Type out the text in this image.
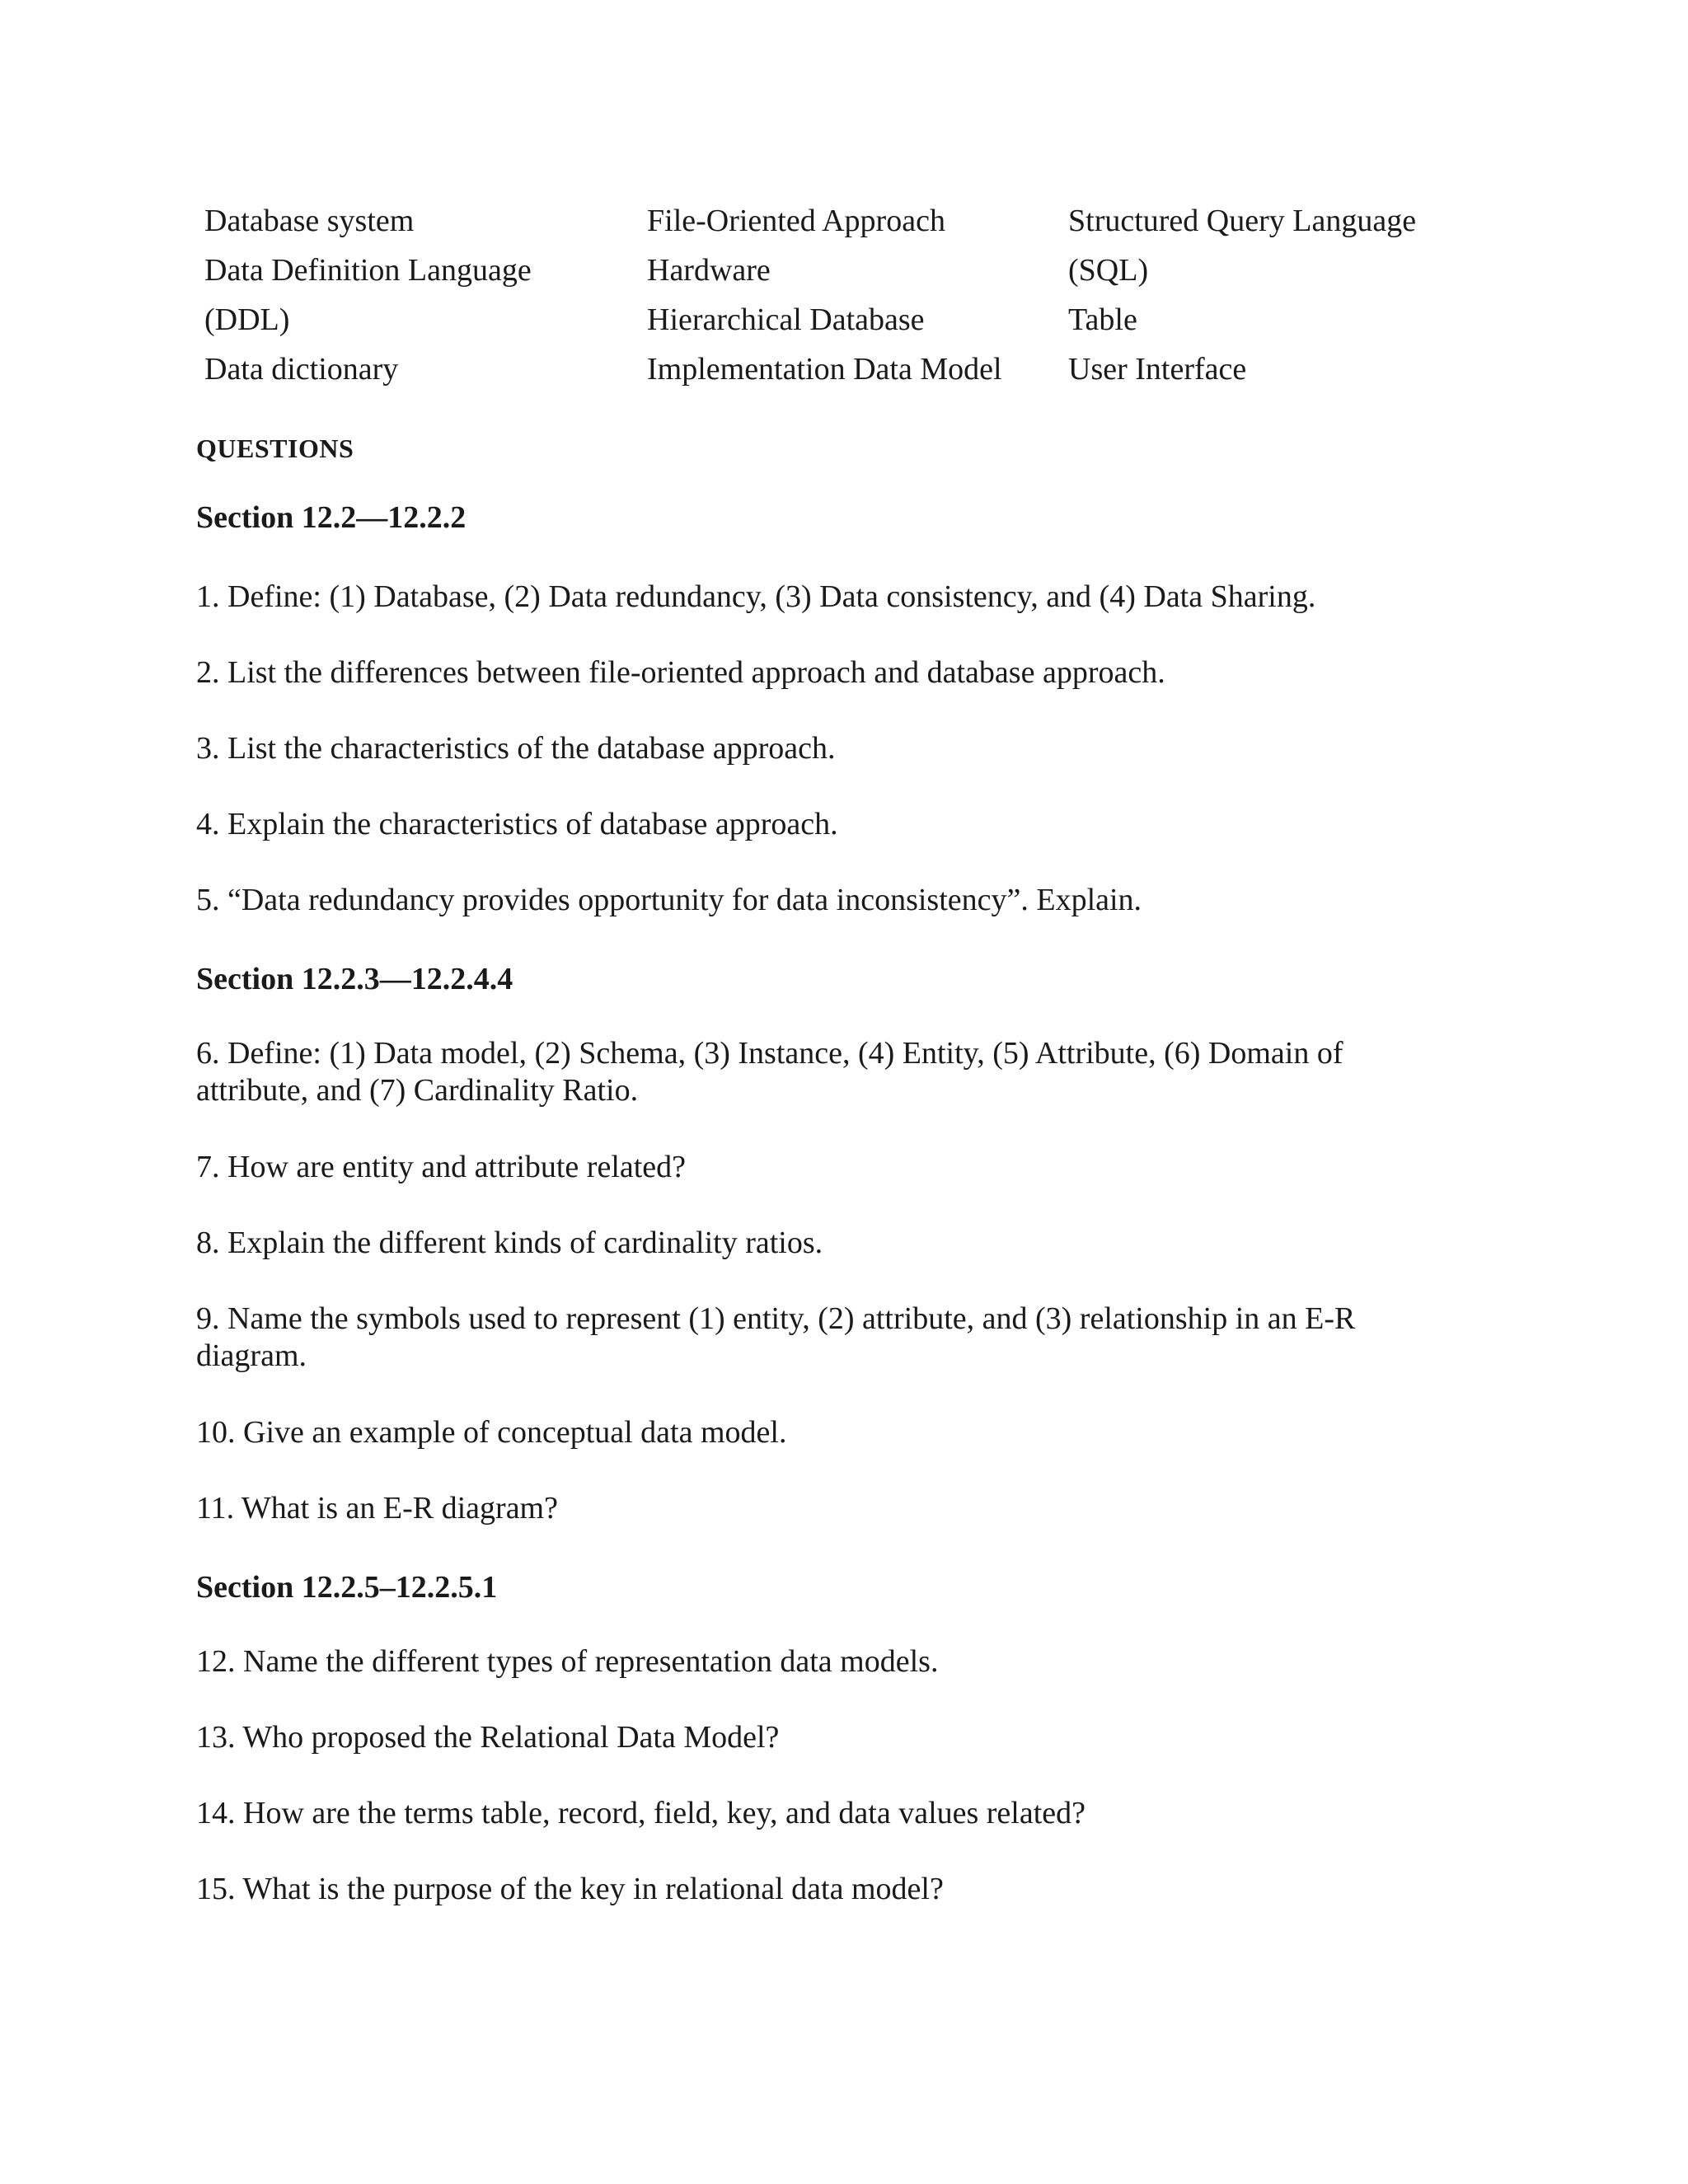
Database system
Data Definition Language
(DDL)
Data dictionary
File-Oriented Approach
Hardware
Hierarchical Database
Implementation Data Model
Structured Query Language
(SQL)
Table
User Interface
QUESTIONS
Section 12.2—12.2.2
1. Define: (1) Database, (2) Data redundancy, (3) Data consistency, and (4) Data Sharing.
2. List the differences between file-oriented approach and database approach.
3. List the characteristics of the database approach.
4. Explain the characteristics of database approach.
5. “Data redundancy provides opportunity for data inconsistency”. Explain.
Section 12.2.3—12.2.4.4
6. Define: (1) Data model, (2) Schema, (3) Instance, (4) Entity, (5) Attribute, (6) Domain of attribute, and (7) Cardinality Ratio.
7. How are entity and attribute related?
8. Explain the different kinds of cardinality ratios.
9. Name the symbols used to represent (1) entity, (2) attribute, and (3) relationship in an E-R diagram.
10. Give an example of conceptual data model.
11. What is an E-R diagram?
Section 12.2.5–12.2.5.1
12. Name the different types of representation data models.
13. Who proposed the Relational Data Model?
14. How are the terms table, record, field, key, and data values related?
15. What is the purpose of the key in relational data model?
